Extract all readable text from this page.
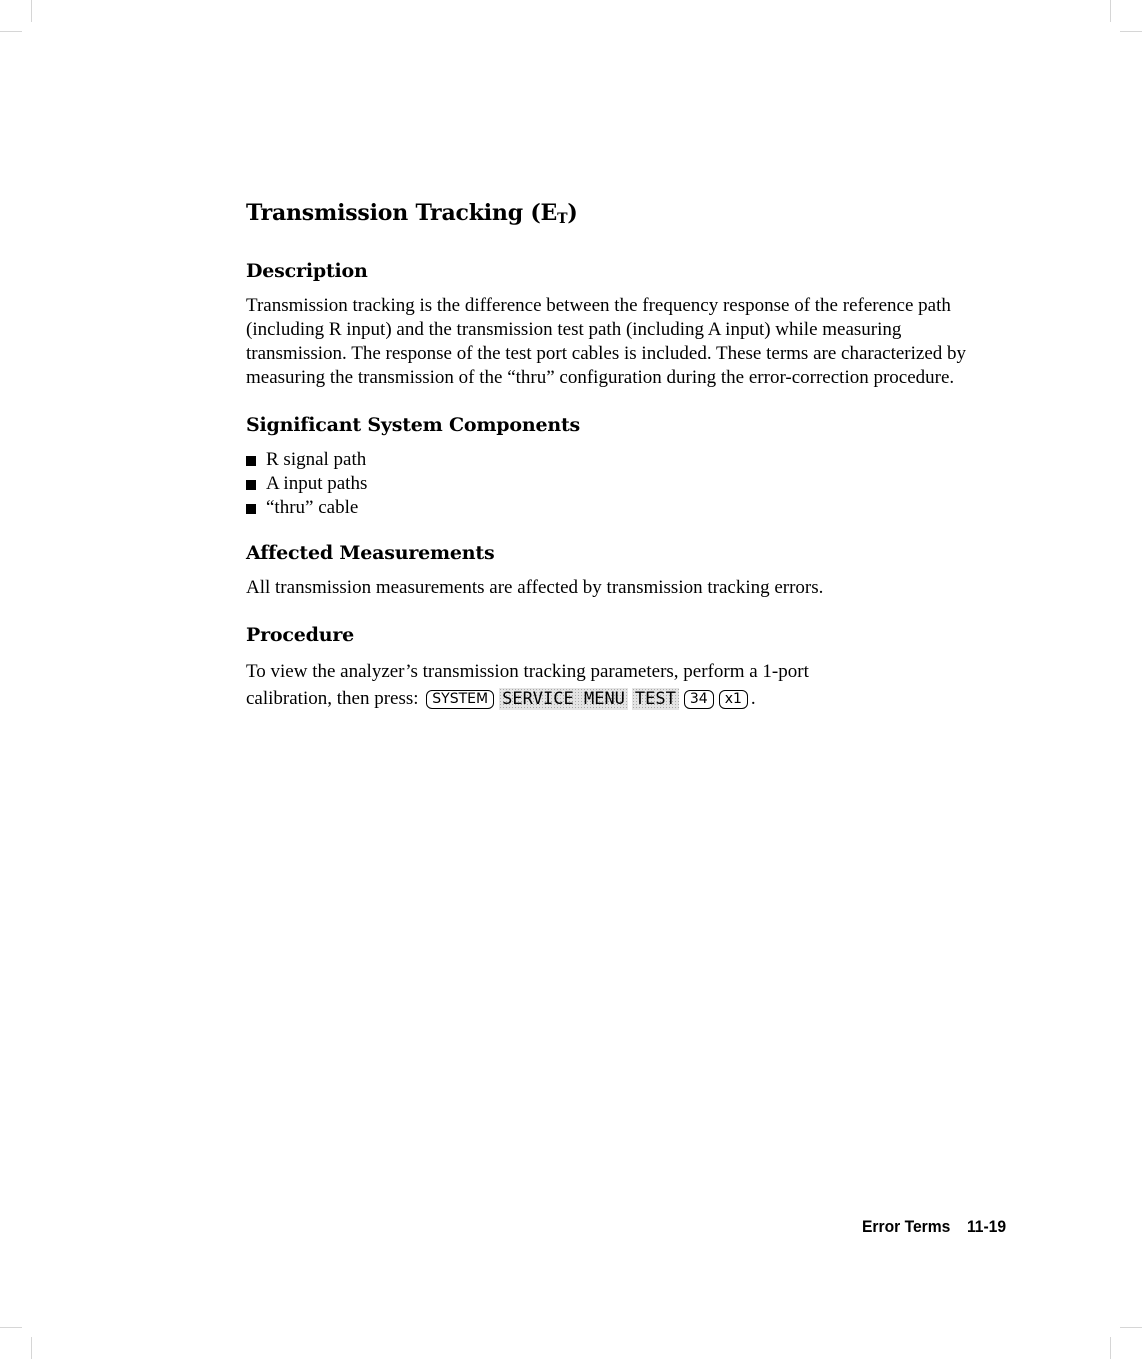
Transmission Tracking $(E_T)$
Description

Transmission tracking is the difference between the frequency response of the reference path (including R input) and the transmission test path (including A input) while measuring transmission. The response of the test port cables is included. These terms are characterized by measuring the transmission of the “thru” configuration during the error-correction procedure.

Significant System Components
R signal path
A input paths
“thru” cable
Affected Measurements

All transmission measurements are affected by transmission tracking errors.

Procedure

To view the analyzer’s transmission tracking parameters, perform a 1-port

calibration, then press: SYSTEM SERVICE MENU TEST 34 x1 .

Error Terms 11-19
